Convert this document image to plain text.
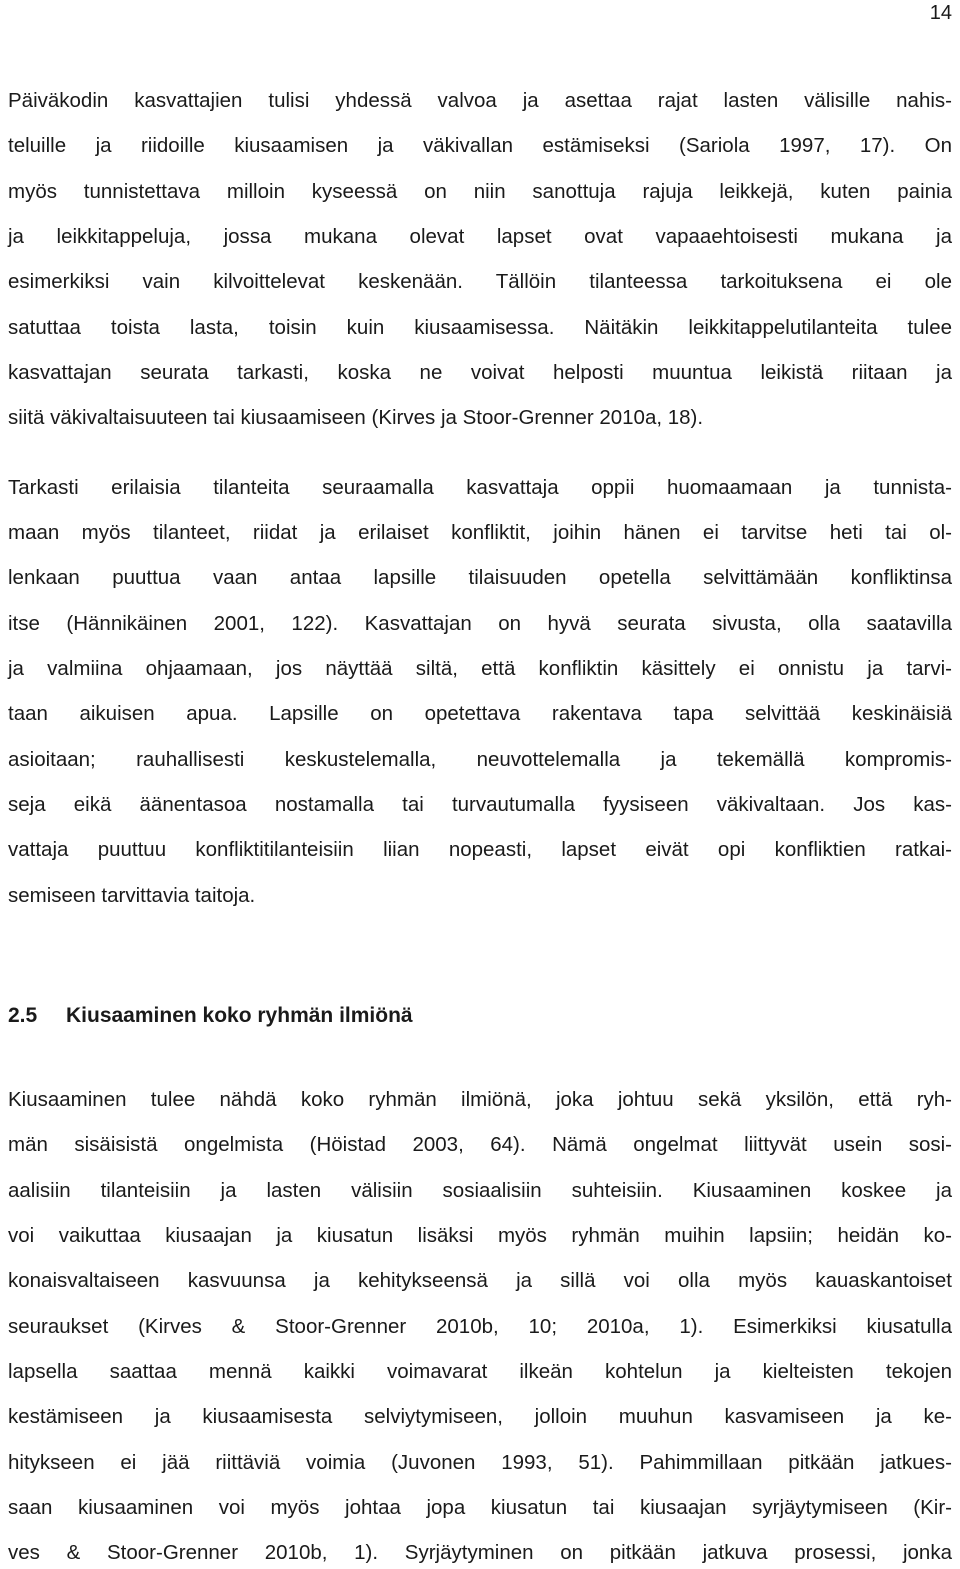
14

Päiväkodin kasvattajien tulisi yhdessä valvoa ja asettaa rajat lasten välisille nahis-

teluille ja riidoille kiusaamisen ja väkivallan estämiseksi (Sariola 1997, 17). On

myös tunnistettava milloin kyseessä on niin sanottuja rajuja leikkejä, kuten painia

ja leikkitappeluja, jossa mukana olevat lapset ovat vapaaehtoisesti mukana ja

esimerkiksi vain kilvoittelevat keskenään. Tällöin tilanteessa tarkoituksena ei ole

satuttaa toista lasta, toisin kuin kiusaamisessa. Näitäkin leikkitappelutilanteita tulee

kasvattajan seurata tarkasti, koska ne voivat helposti muuntua leikistä riitaan ja

siitä väkivaltaisuuteen tai kiusaamiseen (Kirves ja Stoor-Grenner 2010a, 18).

Tarkasti erilaisia tilanteita seuraamalla kasvattaja oppii huomaamaan ja tunnista-

maan myös tilanteet, riidat ja erilaiset konfliktit, joihin hänen ei tarvitse heti tai ol-

lenkaan puuttua vaan antaa lapsille tilaisuuden opetella selvittämään konfliktinsa

itse (Hännikäinen 2001, 122). Kasvattajan on hyvä seurata sivusta, olla saatavilla

ja valmiina ohjaamaan, jos näyttää siltä, että konfliktin käsittely ei onnistu ja tarvi-

taan aikuisen apua. Lapsille on opetettava rakentava tapa selvittää keskinäisiä

asioitaan; rauhallisesti keskustelemalla, neuvottelemalla ja tekemällä kompromis-

seja eikä äänentasoa nostamalla tai turvautumalla fyysiseen väkivaltaan. Jos kas-

vattaja puuttuu konfliktitilanteisiin liian nopeasti, lapset eivät opi konfliktien ratkai-

semiseen tarvittavia taitoja.

2.5 Kiusaaminen koko ryhmän ilmiönä

Kiusaaminen tulee nähdä koko ryhmän ilmiönä, joka johtuu sekä yksilön, että ryh-

män sisäisistä ongelmista (Höistad 2003, 64). Nämä ongelmat liittyvät usein sosi-

aalisiin tilanteisiin ja lasten välisiin sosiaalisiin suhteisiin. Kiusaaminen koskee ja

voi vaikuttaa kiusaajan ja kiusatun lisäksi myös ryhmän muihin lapsiin; heidän ko-

konaisvaltaiseen kasvuunsa ja kehitykseensä ja sillä voi olla myös kauaskantoiset

seuraukset (Kirves & Stoor-Grenner 2010b, 10; 2010a, 1). Esimerkiksi kiusatulla

lapsella saattaa mennä kaikki voimavarat ilkeän kohtelun ja kielteisten tekojen

kestämiseen ja kiusaamisesta selviytymiseen, jolloin muuhun kasvamiseen ja ke-

hitykseen ei jää riittäviä voimia (Juvonen 1993, 51). Pahimmillaan pitkään jatkues-

saan kiusaaminen voi myös johtaa jopa kiusatun tai kiusaajan syrjäytymiseen (Kir-

ves & Stoor-Grenner 2010b, 1). Syrjäytyminen on pitkään jatkuva prosessi, jonka
